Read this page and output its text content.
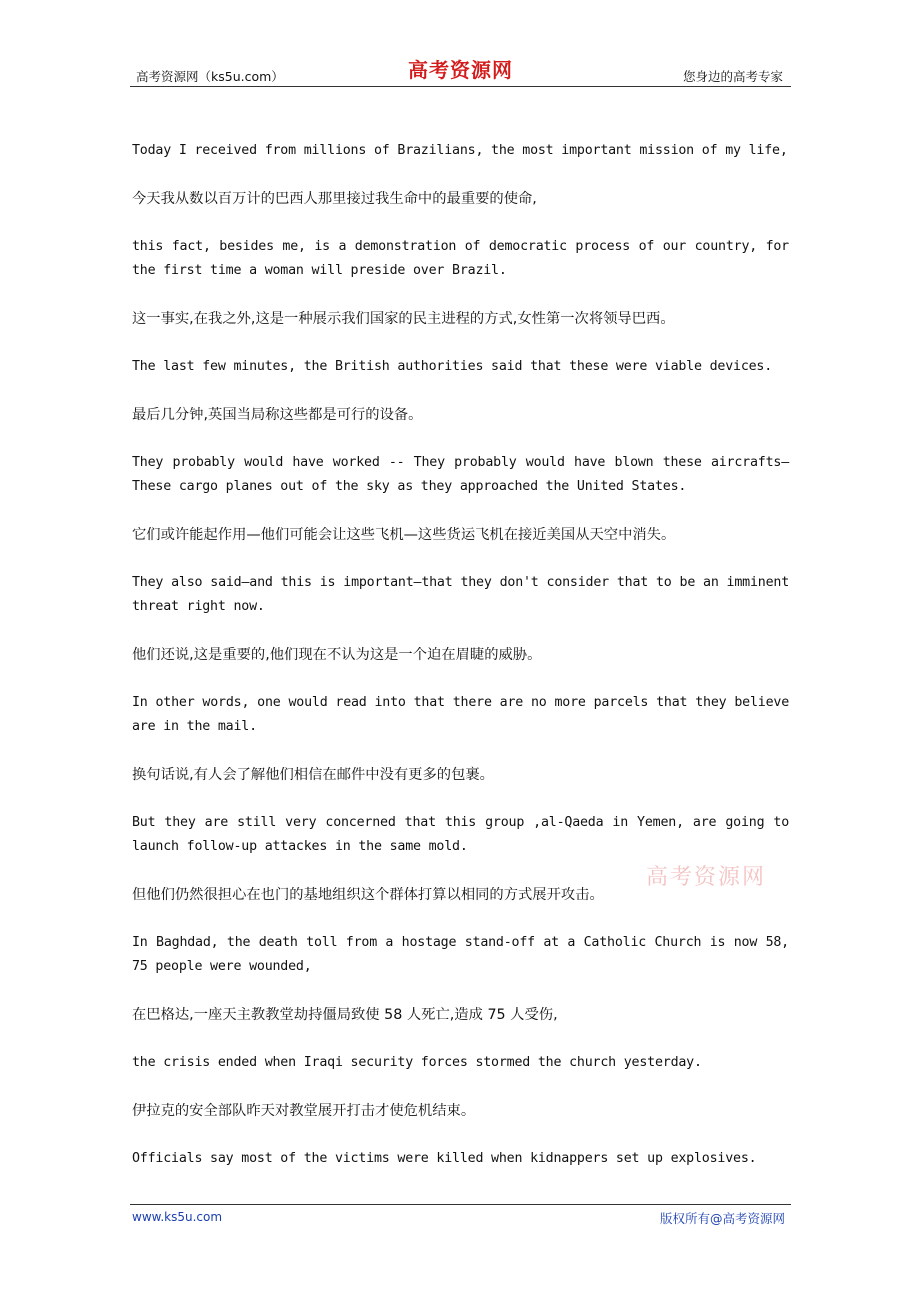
高考资源网（ks5u.com）	高考资源网	您身边的高考专家

Today I received from millions of Brazilians, the most important mission of my life,

今天我从数以百万计的巴西人那里接过我生命中的最重要的使命,

this fact, besides me, is a demonstration of democratic process of our country, for the first time a woman will preside over Brazil.

这一事实,在我之外,这是一种展示我们国家的民主进程的方式,女性第一次将领导巴西。

The last few minutes, the British authorities said that these were viable devices.

最后几分钟,英国当局称这些都是可行的设备。

They probably would have worked -- They probably would have blown these aircrafts—These cargo planes out of the sky as they approached the United States.

它们或许能起作用—他们可能会让这些飞机—这些货运飞机在接近美国从天空中消失。

They also said—and this is important—that they don't consider that to be an imminent threat right now.

他们还说,这是重要的,他们现在不认为这是一个迫在眉睫的威胁。

In other words, one would read into that there are no more parcels that they believe are in the mail.

换句话说,有人会了解他们相信在邮件中没有更多的包裹。

But they are still very concerned that this group ,al-Qaeda in Yemen, are going to launch follow-up attackes in the same mold.

但他们仍然很担心在也门的基地组织这个群体打算以相同的方式展开攻击。

In Baghdad, the death toll from a hostage stand-off at a Catholic Church is now 58, 75 people were wounded,

在巴格达,一座天主教教堂劫持僵局致使 58 人死亡,造成 75 人受伤,

the crisis ended when Iraqi security forces stormed the church yesterday.

伊拉克的安全部队昨天对教堂展开打击才使危机结束。

Officials say most of the victims were killed when kidnappers set up explosives.

高考资源网
www.ks5u.com	版权所有@高考资源网
